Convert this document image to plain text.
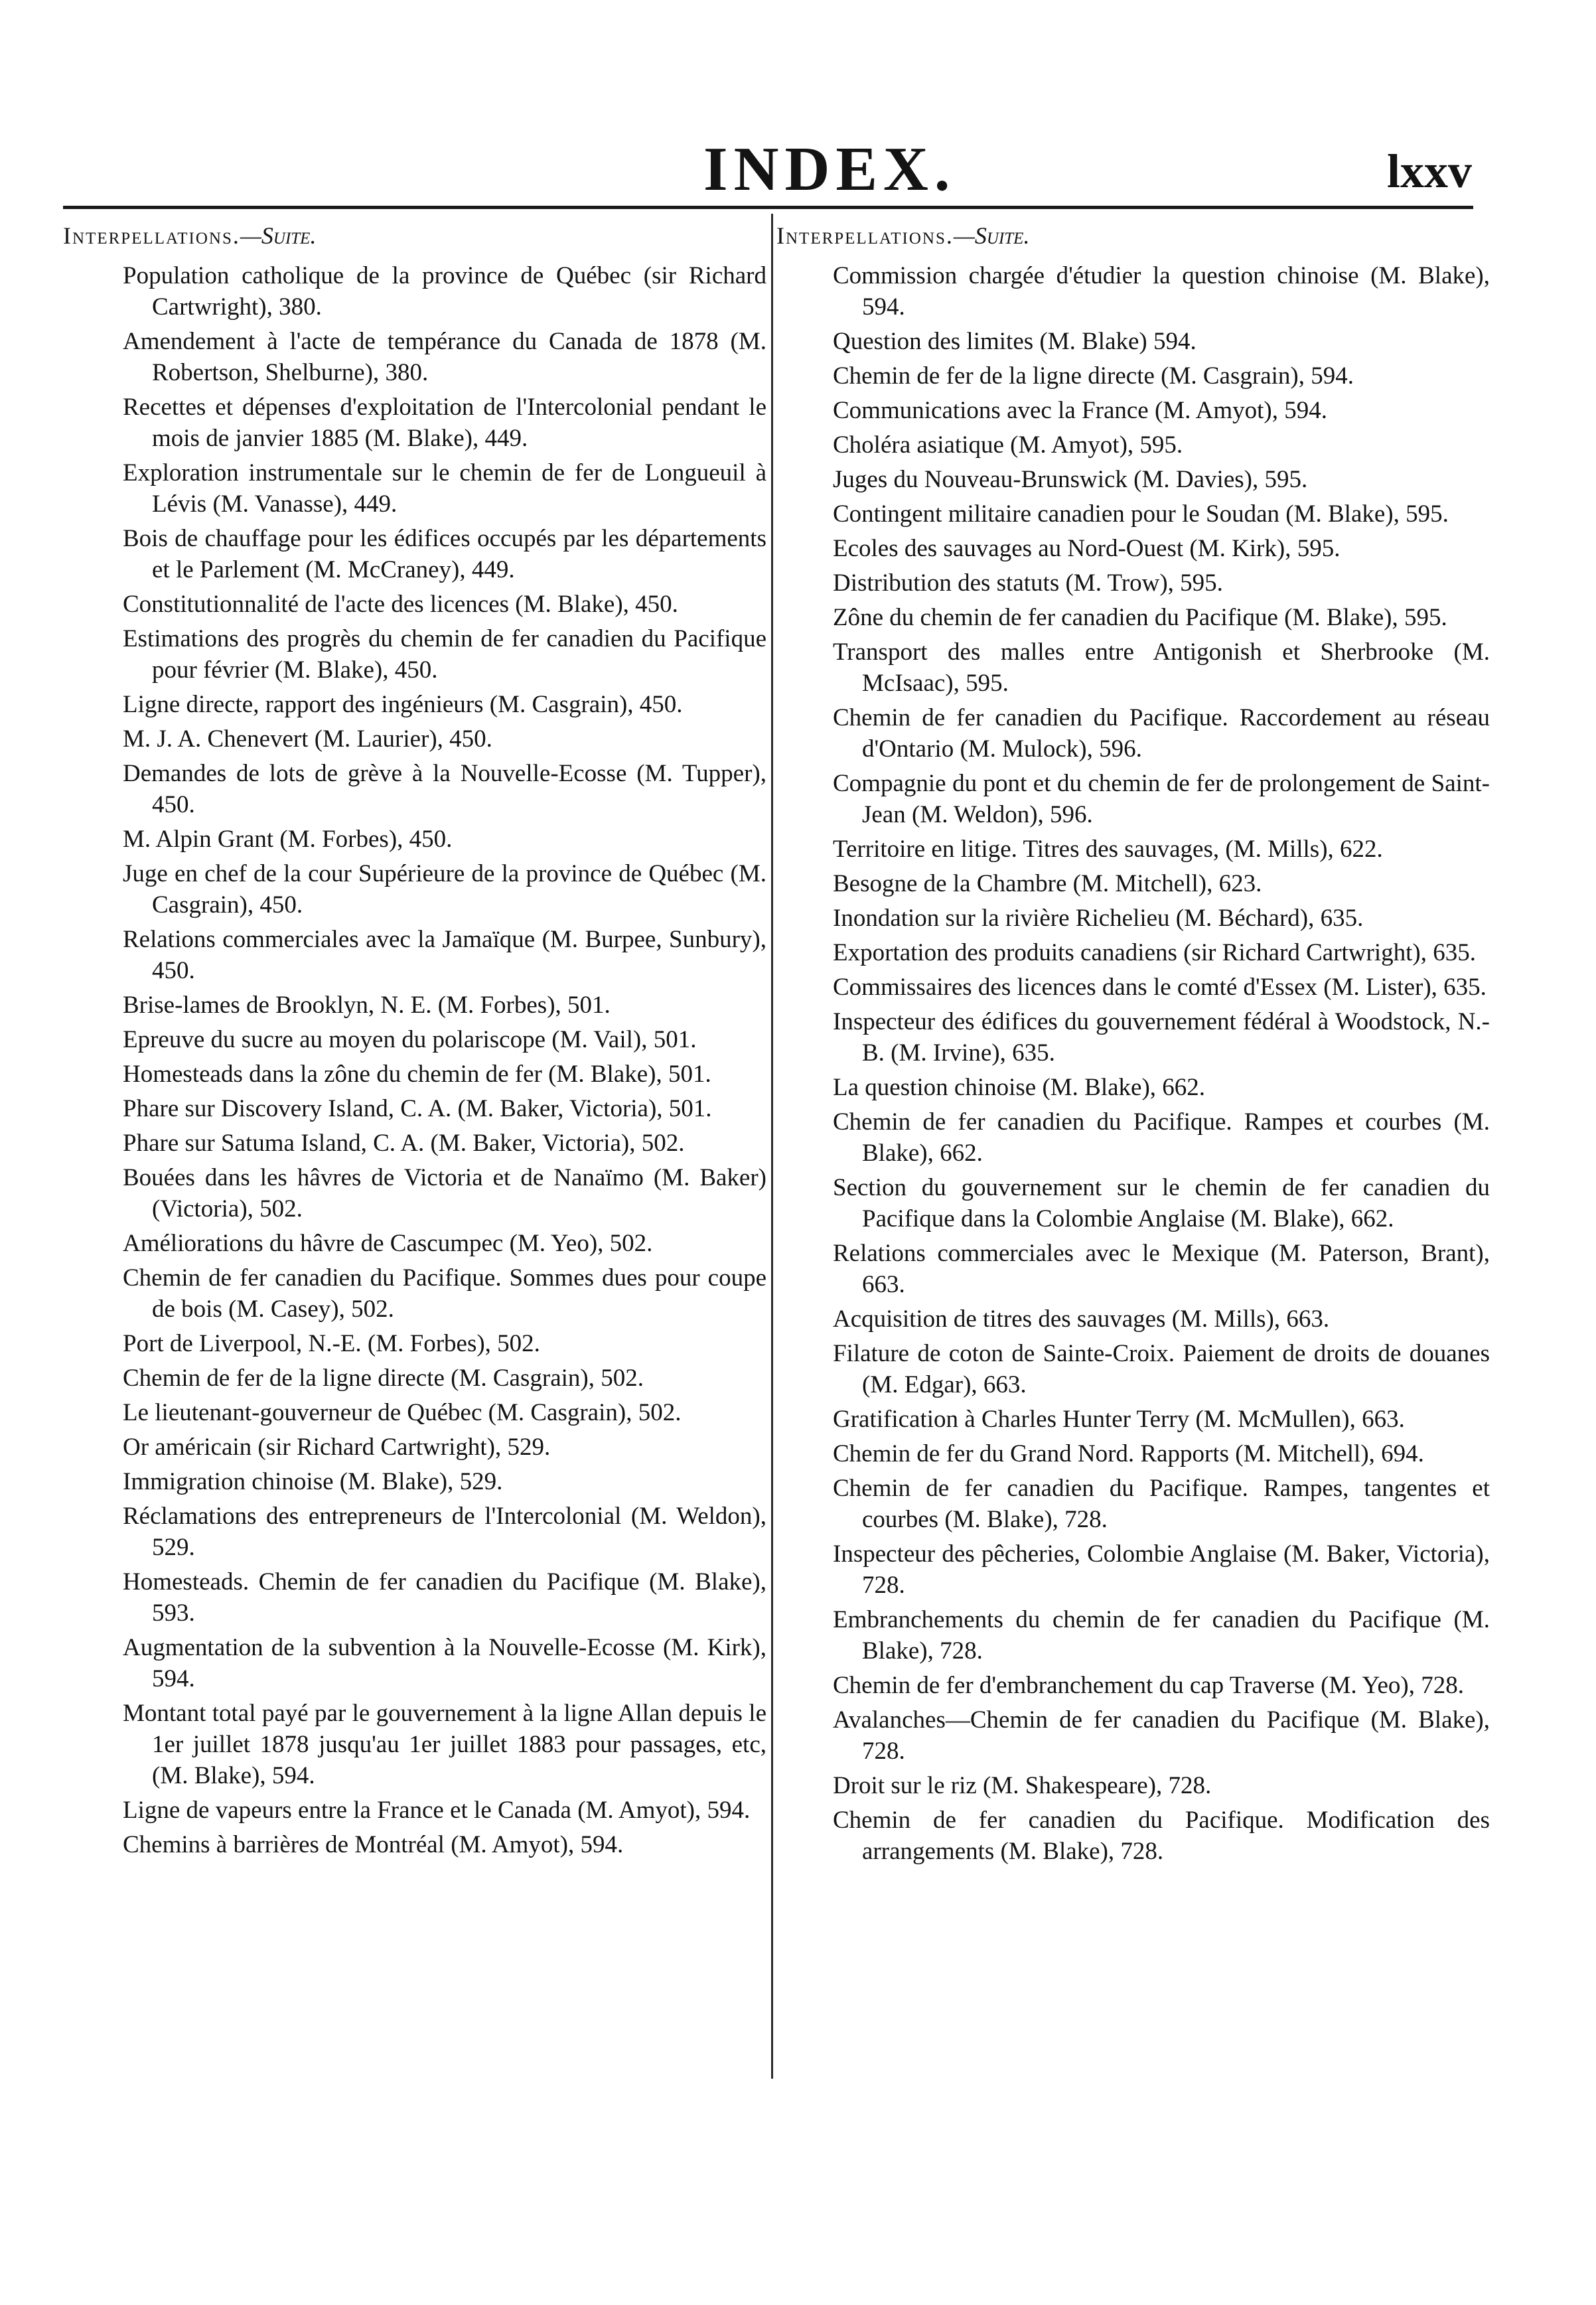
INDEX.	lxxv
Interpellations.—Suite.
Population catholique de la province de Québec (sir Richard Cartwright), 380.
Amendement à l'acte de tempérance du Canada de 1878 (M. Robertson, Shelburne), 380.
Recettes et dépenses d'exploitation de l'Intercolonial pendant le mois de janvier 1885 (M. Blake), 449.
Exploration instrumentale sur le chemin de fer de Longueuil à Lévis (M. Vanasse), 449.
Bois de chauffage pour les édifices occupés par les départements et le Parlement (M. McCraney), 449.
Constitutionnalité de l'acte des licences (M. Blake), 450.
Estimations des progrès du chemin de fer canadien du Pacifique pour février (M. Blake), 450.
Ligne directe, rapport des ingénieurs (M. Casgrain), 450.
M. J. A. Chenevert (M. Laurier), 450.
Demandes de lots de grève à la Nouvelle-Ecosse (M. Tupper), 450.
M. Alpin Grant (M. Forbes), 450.
Juge en chef de la cour Supérieure de la province de Québec (M. Casgrain), 450.
Relations commerciales avec la Jamaïque (M. Burpee, Sunbury), 450.
Brise-lames de Brooklyn, N. E. (M. Forbes), 501.
Epreuve du sucre au moyen du polariscope (M. Vail), 501.
Homesteads dans la zône du chemin de fer (M. Blake), 501.
Phare sur Discovery Island, C. A. (M. Baker, Victoria), 501.
Phare sur Satuma Island, C. A. (M. Baker, Victoria), 502.
Bouées dans les hâvres de Victoria et de Nanaïmo (M. Baker) (Victoria), 502.
Améliorations du hâvre de Cascumpec (M. Yeo), 502.
Chemin de fer canadien du Pacifique. Sommes dues pour coupe de bois (M. Casey), 502.
Port de Liverpool, N.-E. (M. Forbes), 502.
Chemin de fer de la ligne directe (M. Casgrain), 502.
Le lieutenant-gouverneur de Québec (M. Casgrain), 502.
Or américain (sir Richard Cartwright), 529.
Immigration chinoise (M. Blake), 529.
Réclamations des entrepreneurs de l'Intercolonial (M. Weldon), 529.
Homesteads. Chemin de fer canadien du Pacifique (M. Blake), 593.
Augmentation de la subvention à la Nouvelle-Ecosse (M. Kirk), 594.
Montant total payé par le gouvernement à la ligne Allan depuis le 1er juillet 1878 jusqu'au 1er juillet 1883 pour passages, etc, (M. Blake), 594.
Ligne de vapeurs entre la France et le Canada (M. Amyot), 594.
Chemins à barrières de Montréal (M. Amyot), 594.
Interpellations.—Suite.
Commission chargée d'étudier la question chinoise (M. Blake), 594.
Question des limites (M. Blake) 594.
Chemin de fer de la ligne directe (M. Casgrain), 594.
Communications avec la France (M. Amyot), 594.
Choléra asiatique (M. Amyot), 595.
Juges du Nouveau-Brunswick (M. Davies), 595.
Contingent militaire canadien pour le Soudan (M. Blake), 595.
Ecoles des sauvages au Nord-Ouest (M. Kirk), 595.
Distribution des statuts (M. Trow), 595.
Zône du chemin de fer canadien du Pacifique (M. Blake), 595.
Transport des malles entre Antigonish et Sherbrooke (M. McIsaac), 595.
Chemin de fer canadien du Pacifique. Raccordement au réseau d'Ontario (M. Mulock), 596.
Compagnie du pont et du chemin de fer de prolongement de Saint-Jean (M. Weldon), 596.
Territoire en litige. Titres des sauvages, (M. Mills), 622.
Besogne de la Chambre (M. Mitchell), 623.
Inondation sur la rivière Richelieu (M. Béchard), 635.
Exportation des produits canadiens (sir Richard Cartwright), 635.
Commissaires des licences dans le comté d'Essex (M. Lister), 635.
Inspecteur des édifices du gouvernement fédéral à Woodstock, N.-B. (M. Irvine), 635.
La question chinoise (M. Blake), 662.
Chemin de fer canadien du Pacifique. Rampes et courbes (M. Blake), 662.
Section du gouvernement sur le chemin de fer canadien du Pacifique dans la Colombie Anglaise (M. Blake), 662.
Relations commerciales avec le Mexique (M. Paterson, Brant), 663.
Acquisition de titres des sauvages (M. Mills), 663.
Filature de coton de Sainte-Croix. Paiement de droits de douanes (M. Edgar), 663.
Gratification à Charles Hunter Terry (M. McMullen), 663.
Chemin de fer du Grand Nord. Rapports (M. Mitchell), 694.
Chemin de fer canadien du Pacifique. Rampes, tangentes et courbes (M. Blake), 728.
Inspecteur des pêcheries, Colombie Anglaise (M. Baker, Victoria), 728.
Embranchements du chemin de fer canadien du Pacifique (M. Blake), 728.
Chemin de fer d'embranchement du cap Traverse (M. Yeo), 728.
Avalanches—Chemin de fer canadien du Pacifique (M. Blake), 728.
Droit sur le riz (M. Shakespeare), 728.
Chemin de fer canadien du Pacifique. Modification des arrangements (M. Blake), 728.
